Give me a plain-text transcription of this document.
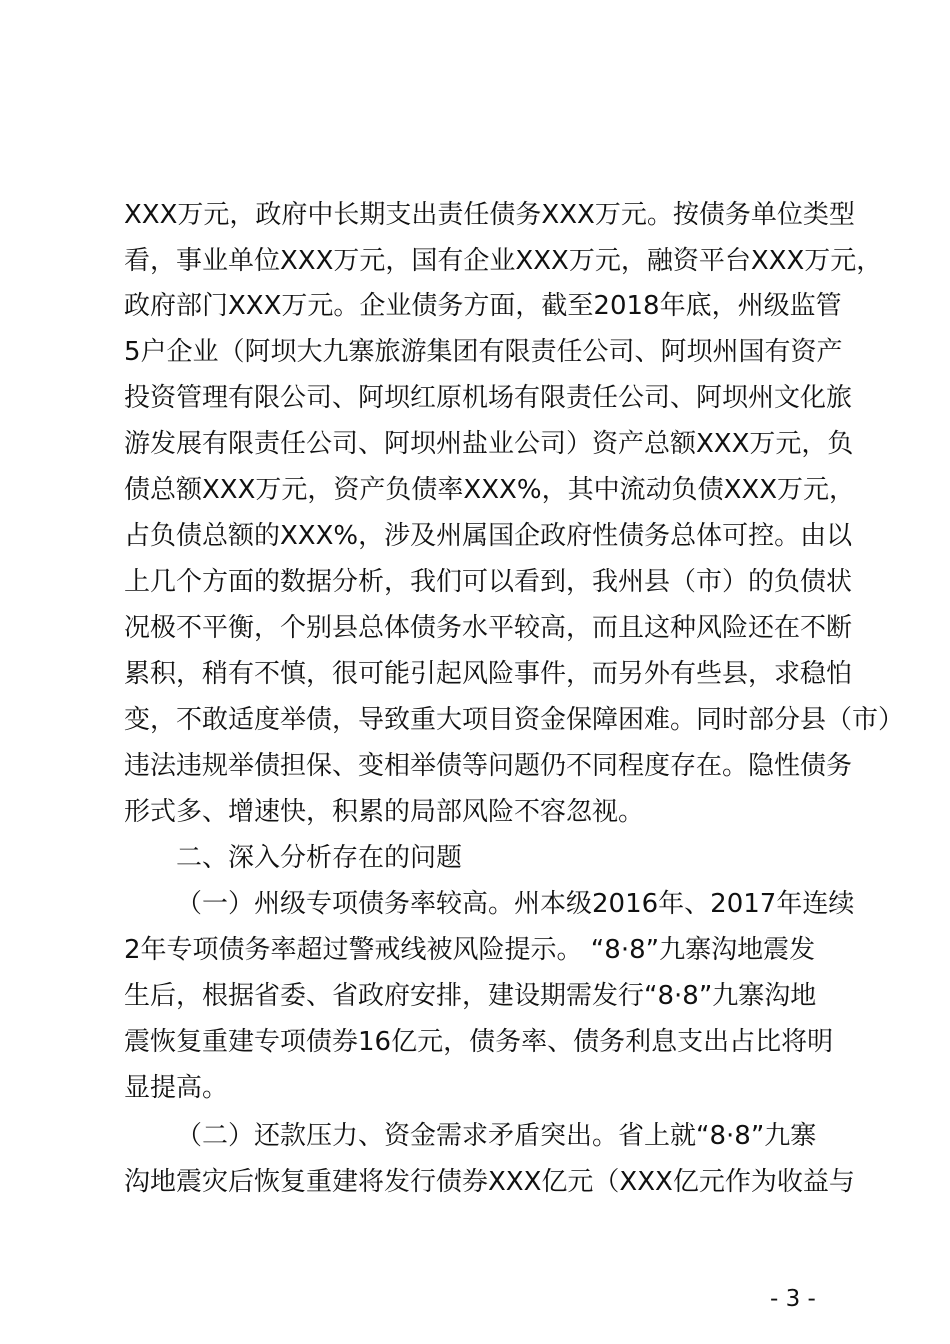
XXX万元，政府中长期支出责任债务XXX万元。按债务单位类型
看，事业单位XXX万元，国有企业XXX万元，融资平台XXX万元，
政府部门XXX万元。企业债务方面，截至2018年底，州级监管
5户企业（阿坝大九寨旅游集团有限责任公司、阿坝州国有资产
投资管理有限公司、阿坝红原机场有限责任公司、阿坝州文化旅
游发展有限责任公司、阿坝州盐业公司）资产总额XXX万元，负
债总额XXX万元，资产负债率XXX%，其中流动负债XXX万元，
占负债总额的XXX%，涉及州属国企政府性债务总体可控。由以
上几个方面的数据分析，我们可以看到，我州县（市）的负债状
况极不平衡，个别县总体债务水平较高，而且这种风险还在不断
累积，稍有不慎，很可能引起风险事件，而另外有些县，求稳怕
变，不敢适度举债，导致重大项目资金保障困难。同时部分县（市）
违法违规举债担保、变相举债等问题仍不同程度存在。隐性债务
形式多、增速快，积累的局部风险不容忽视。
二、深入分析存在的问题
（一）州级专项债务率较高。州本级2016年、2017年连续
2年专项债务率超过警戒线被风险提示。 “8·8”九寨沟地震发
生后，根据省委、省政府安排，建设期需发行“8·8”九寨沟地
震恢复重建专项债券16亿元，债务率、债务利息支出占比将明
显提高。
（二）还款压力、资金需求矛盾突出。省上就“8·8”九寨
沟地震灾后恢复重建将发行债券XXX亿元（XXX亿元作为收益与
- 3 -
